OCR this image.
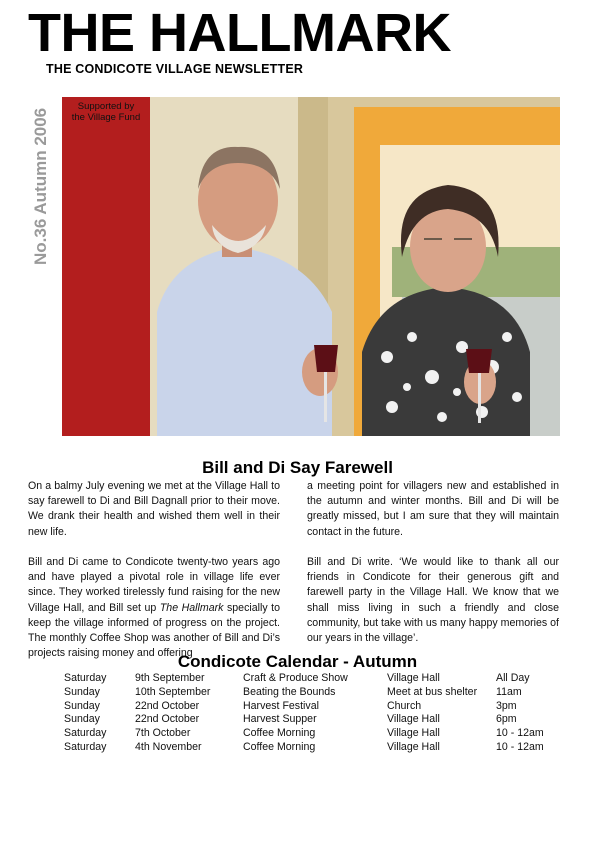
THE HALLMARK
THE CONDICOTE VILLAGE NEWSLETTER
No.36 Autumn 2006
Supported by
the Village Fund
Bill and Di Say Farewell

On a balmy July evening we met at the Village Hall to say farewell to Di and Bill Dagnall prior to their move. We drank their health and wished them well in their new life.

Bill and Di came to Condicote twenty-two years ago and have played a pivotal role in village life ever since. They worked tirelessly fund raising for the new Village Hall, and Bill set up The Hallmark specially to keep the village informed of progress on the project. The monthly Coffee Shop was another of Bill and Di’s projects raising money and offering

a meeting point for villagers new and established in the autumn and winter months. Bill and Di will be greatly missed, but I am sure that they will maintain contact in the future.

Bill and Di write. ‘We would like to thank all our friends in Condicote for their generous gift and farewell party in the Village Hall. We know that we shall miss living in such a friendly and close community, but take with us many happy memories of our years in the village’.

Condicote Calendar - Autumn
Saturday	9th September	Craft & Produce Show	Village Hall	All Day
Sunday	10th September	Beating the Bounds	Meet at bus shelter	11am
Sunday	22nd October	Harvest Festival	Church	3pm
Sunday	22nd October	Harvest Supper	Village Hall	6pm
Saturday	7th October	Coffee Morning	Village Hall	10 - 12am
Saturday	4th November	Coffee Morning	Village Hall	10 - 12am
